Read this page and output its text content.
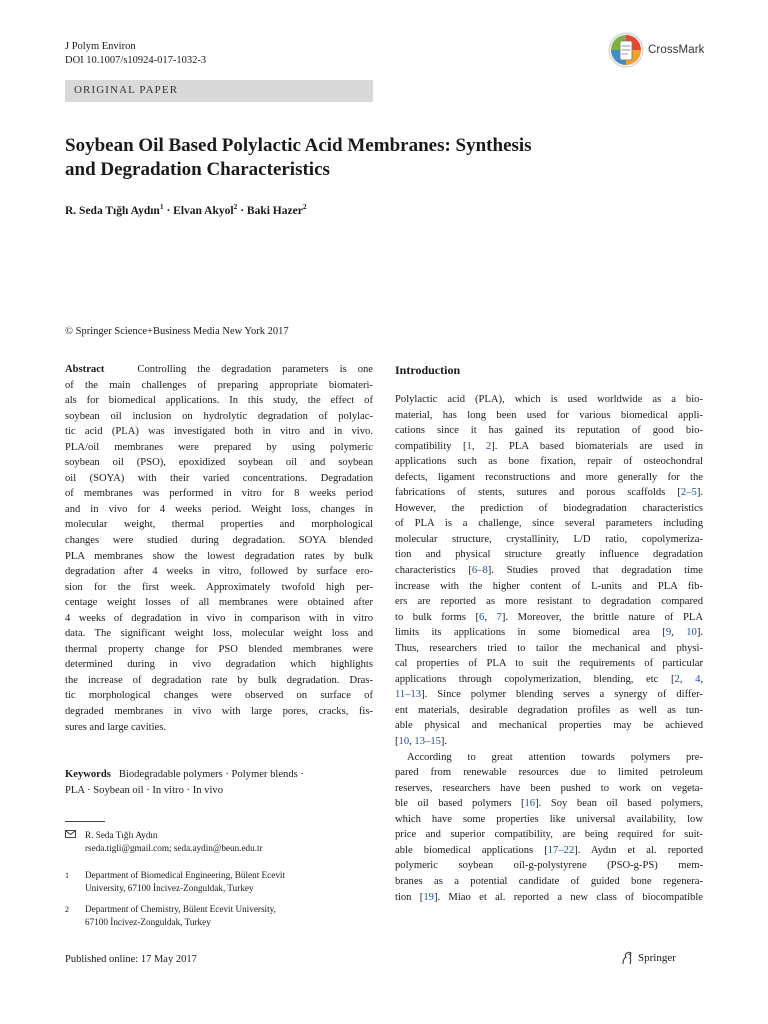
J Polym Environ
DOI 10.1007/s10924-017-1032-3
CrossMark
ORIGINAL PAPER
Soybean Oil Based Polylactic Acid Membranes: Synthesis
and Degradation Characteristics
R. Seda Tığlı Aydın$^1$ · Elvan Akyol$^2$ · Baki Hazer$^2$
© Springer Science+Business Media New York 2017
Abstract	Controlling the degradation parameters is one
of the main challenges of preparing appropriate biomateri-
als for biomedical applications. In this study, the effect of
soybean oil inclusion on hydrolytic degradation of polylac-
tic acid (PLA) was investigated both in vitro and in vivo.
PLA/oil membranes were prepared by using polymeric
soybean oil (PSO), epoxidized soybean oil and soybean
oil (SOYA) with their varied concentrations. Degradation
of membranes was performed in vitro for 8 weeks period
and in vivo for 4 weeks period. Weight loss, changes in
molecular weight, thermal properties and morphological
changes were studied during degradation. SOYA blended
PLA membranes show the lowest degradation rates by bulk
degradation after 4 weeks in vitro, followed by surface ero-
sion for the first week. Approximately twofold high per-
centage weight losses of all membranes were obtained after
4 weeks of degradation in vivo in comparison with in vitro
data. The significant weight loss, molecular weight loss and
thermal property change for PSO blended membranes were
determined during in vivo degradation which highlights
the increase of degradation rate by bulk degradation. Dras-
tic morphological changes were observed on surface of
degraded membranes in vivo with large pores, cracks, fis-
sures and large cavities.
Keywords Biodegradable polymers · Polymer blends ·
PLA · Soybean oil · In vitro · In vivo
R. Seda Tığlı Aydın
rseda.tigli@gmail.com; seda.aydin@beun.edu.tr
1 Department of Biomedical Engineering, Bülent Ecevit
University, 67100 İncivez-Zonguldak, Turkey
2 Department of Chemistry, Bülent Ecevit University,
67100 İncivez-Zonguldak, Turkey
Published online: 17 May 2017	Springer
Introduction
Polylactic acid (PLA), which is used worldwide as a bio-
material, has long been used for various biomedical appli-
cations since it has gained its reputation of good bio-
compatibility [1, 2]. PLA based biomaterials are used in
applications such as bone fixation, repair of osteochondral
defects, ligament reconstructions and more generally for the
fabrications of stents, sutures and porous scaffolds [2–5].
However, the prediction of biodegradation characteristics
of PLA is a challenge, since several parameters including
molecular structure, crystallinity, L/D ratio, copolymeriza-
tion and physical structure greatly influence degradation
characteristics [6–8]. Studies proved that degradation time
increase with the higher content of L-units and PLA fib-
ers are reported as more resistant to degradation compared
to bulk forms [6, 7]. Moreover, the brittle nature of PLA
limits its applications in some biomedical area [9, 10].
Thus, researchers tried to tailor the mechanical and physi-
cal properties of PLA to suit the requirements of particular
applications through copolymerization, blending, etc [2, 4,
11–13]. Since polymer blending serves a synergy of differ-
ent materials, desirable degradation profiles as well as tun-
able physical and mechanical properties may be achieved
[10, 13–15].
According to great attention towards polymers pre-
pared from renewable resources due to limited petroleum
reserves, researchers have been pushed to work on vegeta-
ble oil based polymers [16]. Soy bean oil based polymers,
which have some properties like universal availability, low
price and superior compatibility, are being required for suit-
able biomedical applications [17–22]. Aydın et al. reported
polymeric soybean oil-g-polystyrene (PSO-g-PS) mem-
branes as a potential candidate of guided bone regenera-
tion [19]. Miao et al. reported a new class of biocompatible
